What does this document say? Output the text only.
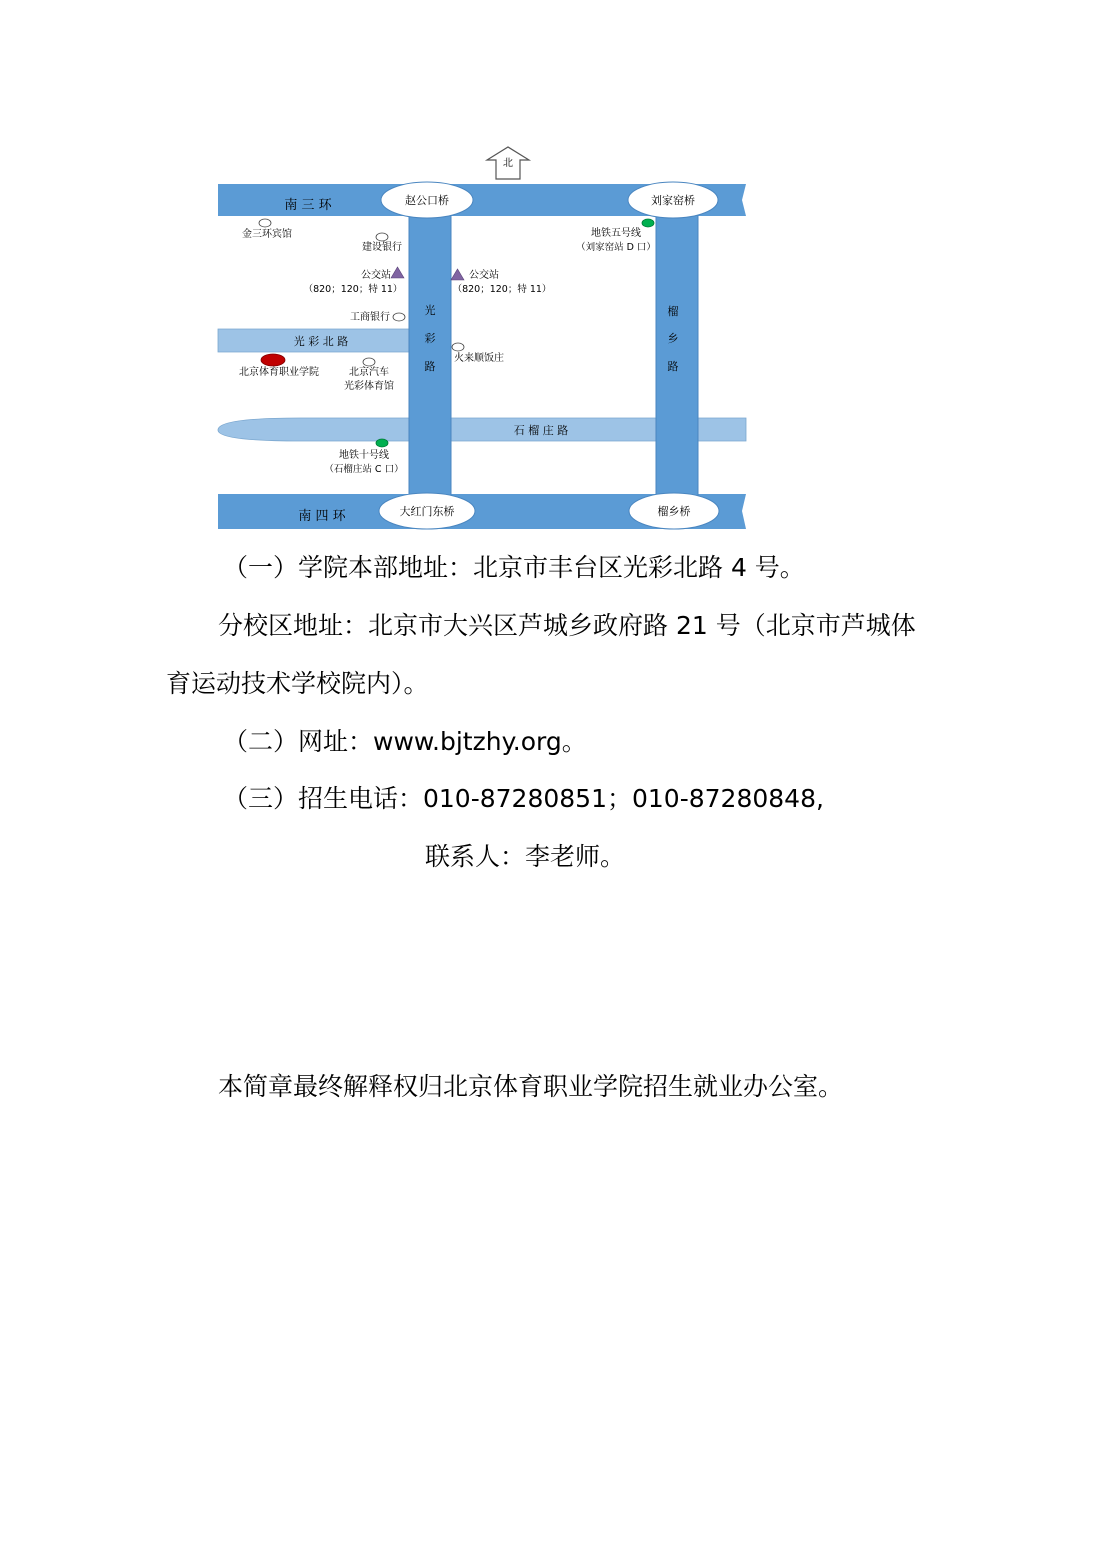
北
南 三 环
南 四 环
光 彩 北 路
石 榴 庄 路
光
彩
路
榴
乡
路
赵公口桥	刘家窑桥
大红门东桥	榴乡桥
金三环宾馆
建设银行
公交站
（820；120；特 11）
公交站
（820；120；特 11）
工商银行
火来顺饭庄
北京体育职业学院	北京汽车
光彩体育馆
地铁五号线
（刘家窑站 D 口）
地铁十号线
（石榴庄站 C 口）
（一）学院本部地址：北京市丰台区光彩北路 4 号。
分校区地址：北京市大兴区芦城乡政府路 21 号（北京市芦城体
育运动技术学校院内）。
（二）网址：www.bjtzhy.org。
（三）招生电话：010-87280851；010-87280848,
联系人：李老师。
本简章最终解释权归北京体育职业学院招生就业办公室。
